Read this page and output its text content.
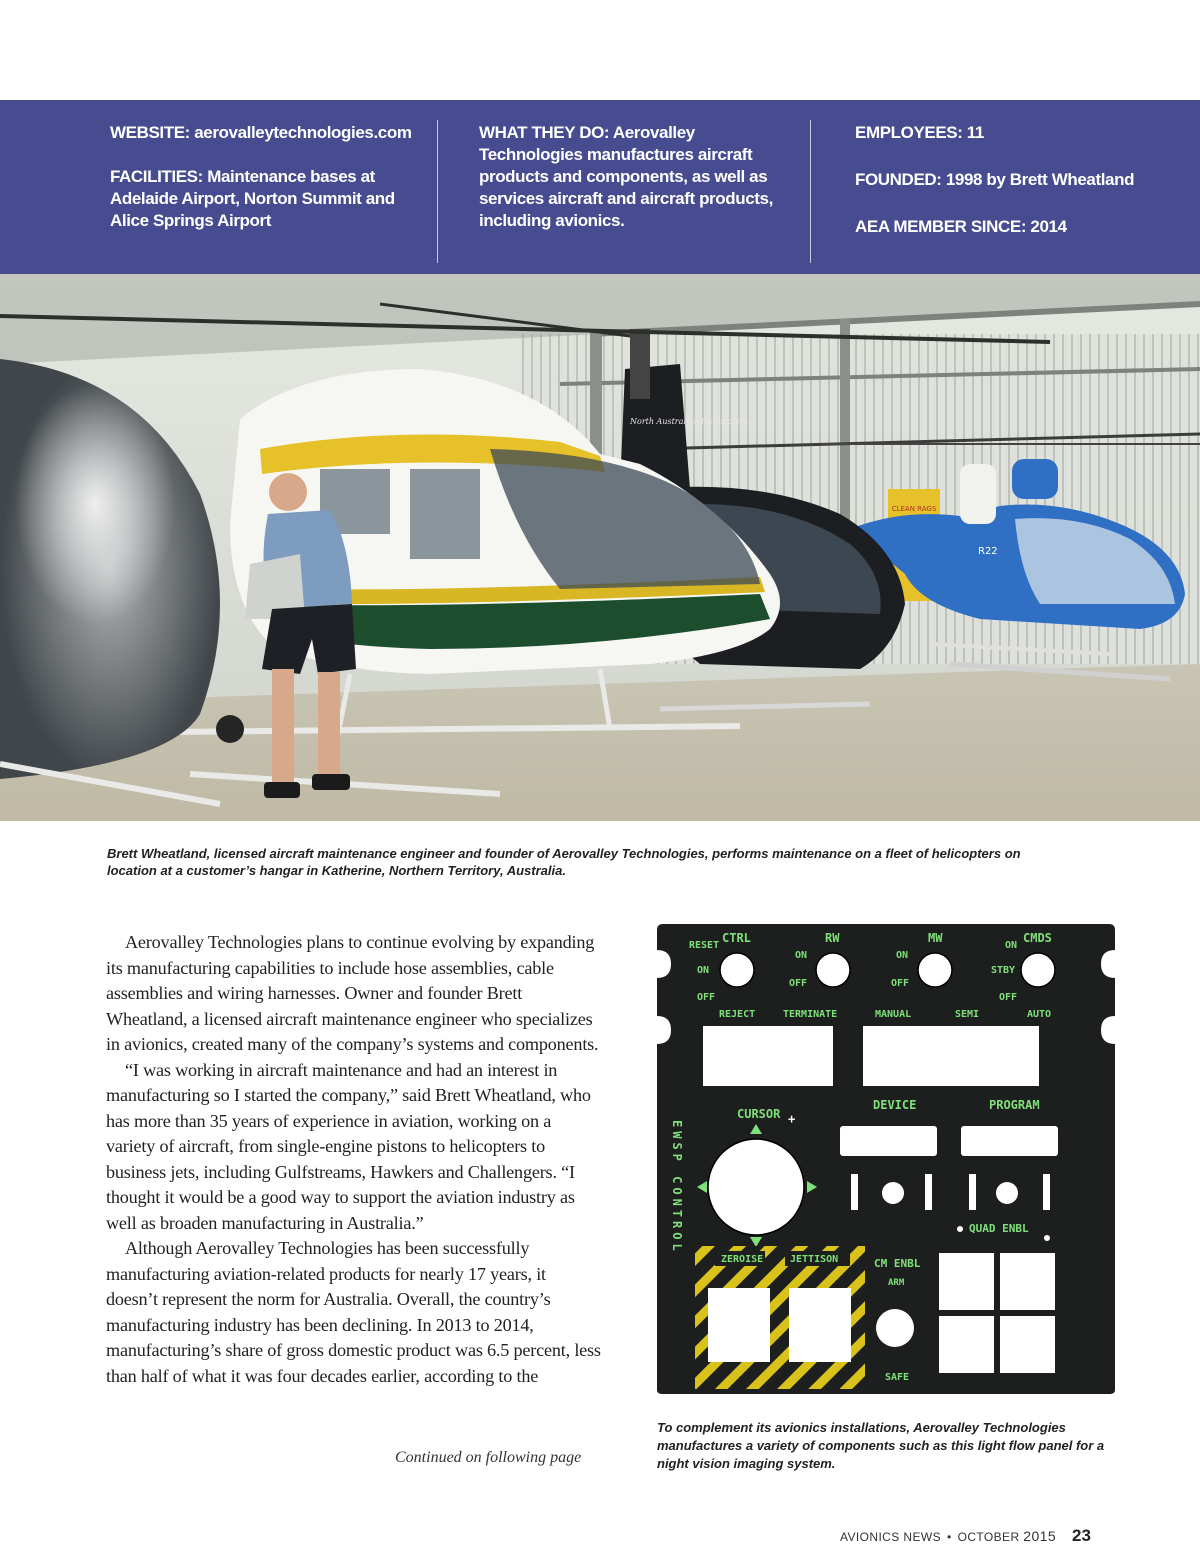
WEBSITE: aerovalleytechnologies.com

FACILITIES: Maintenance bases at Adelaide Airport, Norton Summit and Alice Springs Airport

WHAT THEY DO: Aerovalley Technologies manufactures aircraft products and components, as well as services aircraft and aircraft products, including avionics.

EMPLOYEES: 11

FOUNDED: 1998 by Brett Wheatland

AEA MEMBER SINCE: 2014

CLEAN RAGS
R22
North Australian Helicopters

Brett Wheatland, licensed aircraft maintenance engineer and founder of Aerovalley Technologies, performs maintenance on a fleet of helicopters on location at a customer’s hangar in Katherine, Northern Territory, Australia.

Aerovalley Technologies plans to continue evolving by expanding its manufacturing capabilities to include hose assemblies, cable assemblies and wiring harnesses. Owner and founder Brett Wheatland, a licensed aircraft maintenance engineer who specializes in avionics, created many of the company’s systems and components.

“I was working in aircraft maintenance and had an interest in manufacturing so I started the company,” said Brett Wheatland, who has more than 35 years of experience in aviation, working on a variety of aircraft, from single-engine pistons to helicopters to business jets, including Gulfstreams, Hawkers and Challengers. “I thought it would be a good way to support the aviation industry as well as broaden manufacturing in Australia.”

Although Aerovalley Technologies has been successfully manufacturing aviation-related products for nearly 17 years, it doesn’t represent the norm for Australia. Overall, the country’s manufacturing industry has been declining. In 2013 to 2014, manufacturing’s share of gross domestic product was 6.5 percent, less than half of what it was four decades earlier, according to the

Continued on following page

RESET
CTRL	RW	MW	CMDS
ON
OFF
ON
OFF
ON
OFF
ON
STBY
OFF
REJECT	TERMINATE	MANUAL	SEMI	AUTO
EWSP CONTROL
CURSOR +
DEVICE	PROGRAM
QUAD ENBL
ZEROISE	JETTISON	CM ENBL
ARM
SAFE

To complement its avionics installations, Aerovalley Technologies manufactures a variety of components such as this light flow panel for a night vision imaging system.

AVIONICS NEWS • OCTOBER 2015 23
